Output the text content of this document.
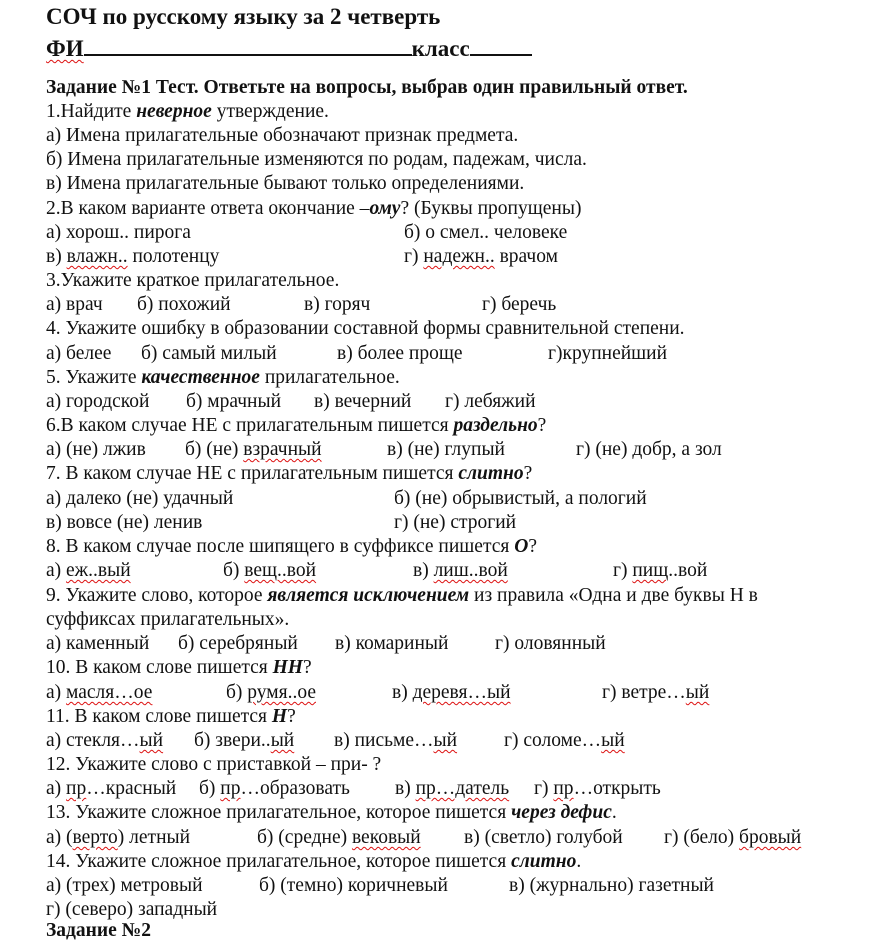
СОЧ по русскому языку за 2 четверть
ФИ	класс
Задание №1 Тест. Ответьте на вопросы, выбрав один правильный ответ.
1.Найдите неверное утверждение.
а) Имена прилагательные обозначают признак предмета.
б) Имена прилагательные изменяются по родам, падежам, числа.
в) Имена прилагательные бывают только определениями.
2.В каком варианте ответа окончание –ому? (Буквы пропущены)
а) хорош.. пирога	б) о смел.. человеке
в) влажн.. полотенцу	г) надежн.. врачом
3.Укажите краткое прилагательное.
а) врач б) похожий	в) горяч	г) беречь
4. Укажите ошибку в образовании составной формы сравнительной степени.
а) белее б) самый милый	в) более проще	г)крупнейший
5. Укажите качественное прилагательное.
а) городской б) мрачный в) вечерний г) лебяжий
6.В каком случае НЕ с прилагательным пишется раздельно?
а) (не) лжив б) (не) взрачный	в) (не) глупый	г) (не) добр, а зол
7. В каком случае НЕ с прилагательным пишется слитно?
а) далеко (не) удачный	б) (не) обрывистый, а пологий
в) вовсе (не) ленив	г) (не) строгий
8. В каком случае после шипящего в суффиксе пишется О?
а) еж..вый	б) вещ..вой	в) лиш..вой	г) пищ..вой
9. Укажите слово, которое является исключением из правила «Одна и две буквы Н в
суффиксах прилагательных».
а) каменный б) серебряный в) комариный г) оловянный
10. В каком слове пишется НН?
а) масля…ое	б) румя..ое	в) деревя…ый	г) ветре…ый
11. В каком слове пишется Н?
а) стекля…ый б) звери..ый в) письме…ый г) соломе…ый
12. Укажите слово с приставкой – при- ?
а) пр…красный б) пр…образовать в) пр…датель г) пр…открыть
13. Укажите сложное прилагательное, которое пишется через дефис.
а) (верто) летный	б) (средне) вековый в) (светло) голубой г) (бело) бровый
14. Укажите сложное прилагательное, которое пишется слитно.
а) (трех) метровый	б) (темно) коричневый	в) (журнально) газетный
г) (северо) западный
Задание №2
